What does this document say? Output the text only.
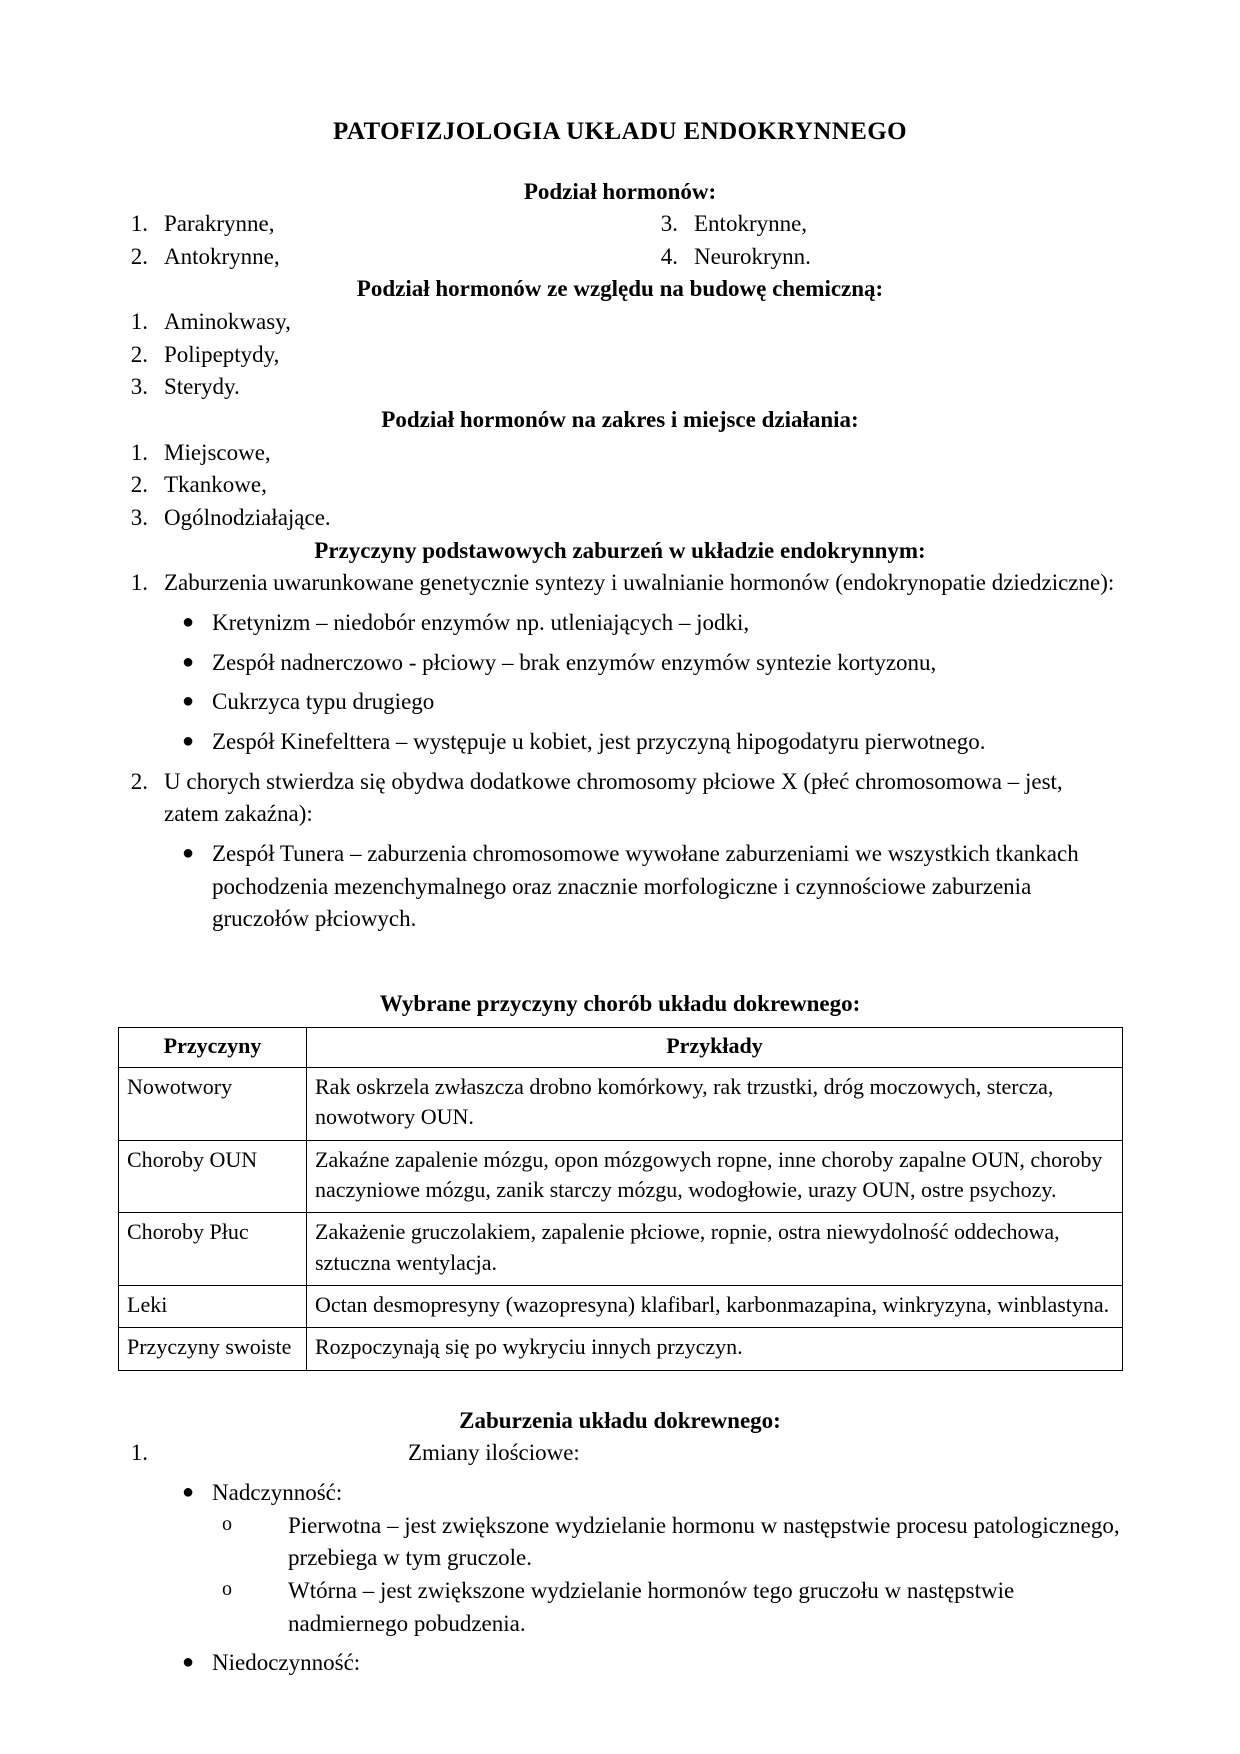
PATOFIZJOLOGIA UKŁADU ENDOKRYNNEGO
Podział hormonów:
1. Parakrynne,
2. Antokrynne,
3. Entokrynne,
4. Neurokrynn.
Podział hormonów ze względu na budowę chemiczną:
1. Aminokwasy,
2. Polipeptydy,
3. Sterydy.
Podział hormonów na zakres i miejsce działania:
1. Miejscowe,
2. Tkankowe,
3. Ogólnodziałające.
Przyczyny podstawowych zaburzeń w układzie endokrynnym:
1. Zaburzenia uwarunkowane genetycznie syntezy i uwalnianie hormonów (endokrynopatie dziedziczne):
● Kretynizm – niedobór enzymów np. utleniających – jodki,
● Zespół nadnerczowo - płciowy – brak enzymów enzymów syntezie kortyzonu,
● Cukrzyca typu drugiego
● Zespół Kinefelttera – występuje u kobiet, jest przyczyną hipogodatyru pierwotnego.
2. U chorych stwierdza się obydwa dodatkowe chromosomy płciowe X (płeć chromosomowa – jest, zatem zakaźna):
● Zespół Tunera – zaburzenia chromosomowe wywołane zaburzeniami we wszystkich tkankach pochodzenia mezenchymalnego oraz znacznie morfologiczne i czynnościowe zaburzenia gruczołów płciowych.
Wybrane przyczyny chorób układu dokrewnego:
Przyczyny	Przykłady
Nowotwory	Rak oskrzela zwłaszcza drobno komórkowy, rak trzustki, dróg moczowych, stercza, nowotwory OUN.
Choroby OUN	Zakaźne zapalenie mózgu, opon mózgowych ropne, inne choroby zapalne OUN, choroby naczyniowe mózgu, zanik starczy mózgu, wodogłowie, urazy OUN, ostre psychozy.
Choroby Płuc	Zakażenie gruczolakiem, zapalenie płciowe, ropnie, ostra niewydolność oddechowa, sztuczna wentylacja.
Leki	Octan desmopresyny (wazopresyna) klafibarl, karbonmazapina, winkryzyna, winblastyna.
Przyczyny swoiste	Rozpoczynają się po wykryciu innych przyczyn.
Zaburzenia układu dokrewnego:
1.	Zmiany ilościowe:
● Nadczynność:
o	Pierwotna – jest zwiększone wydzielanie hormonu w następstwie procesu patologicznego, przebiega w tym gruczole.
o	Wtórna – jest zwiększone wydzielanie hormonów tego gruczołu w następstwie nadmiernego pobudzenia.
● Niedoczynność:
